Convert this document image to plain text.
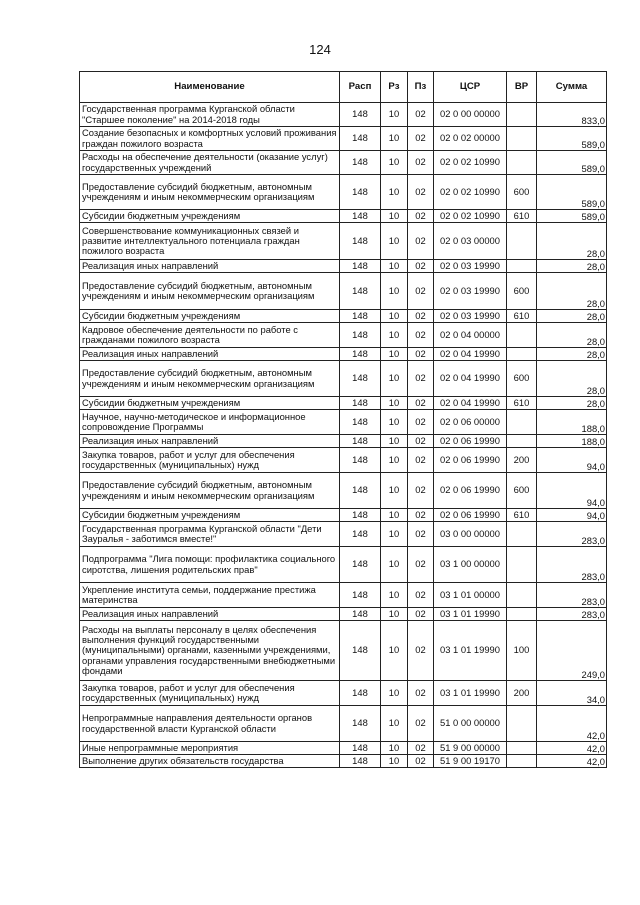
124
Наименование	Расп	Рз	Пз	ЦСР	ВР	Сумма
Государственная программа Курганской области "Старшее поколение" на 2014-2018 годы	148	10	02	02 0 00 00000		833,0
Создание безопасных и комфортных условий проживания граждан пожилого возраста	148	10	02	02 0 02 00000		589,0
Расходы на обеспечение деятельности (оказание услуг) государственных учреждений	148	10	02	02 0 02 10990		589,0
Предоставление субсидий бюджетным, автономным учреждениям и иным некоммерческим организациям	148	10	02	02 0 02 10990	600	589,0
Субсидии бюджетным учреждениям	148	10	02	02 0 02 10990	610	589,0
Совершенствование коммуникационных связей и развитие интеллектуального потенциала граждан пожилого возраста	148	10	02	02 0 03 00000		28,0
Реализация иных направлений	148	10	02	02 0 03 19990		28,0
Предоставление субсидий бюджетным, автономным учреждениям и иным некоммерческим организациям	148	10	02	02 0 03 19990	600	28,0
Субсидии бюджетным учреждениям	148	10	02	02 0 03 19990	610	28,0
Кадровое обеспечение деятельности по работе с гражданами пожилого возраста	148	10	02	02 0 04 00000		28,0
Реализация иных направлений	148	10	02	02 0 04 19990		28,0
Предоставление субсидий бюджетным, автономным учреждениям и иным некоммерческим организациям	148	10	02	02 0 04 19990	600	28,0
Субсидии бюджетным учреждениям	148	10	02	02 0 04 19990	610	28,0
Научное, научно-методическое и информационное сопровождение Программы	148	10	02	02 0 06 00000		188,0
Реализация иных направлений	148	10	02	02 0 06 19990		188,0
Закупка товаров, работ и услуг для обеспечения государственных (муниципальных) нужд	148	10	02	02 0 06 19990	200	94,0
Предоставление субсидий бюджетным, автономным учреждениям и иным некоммерческим организациям	148	10	02	02 0 06 19990	600	94,0
Субсидии бюджетным учреждениям	148	10	02	02 0 06 19990	610	94,0
Государственная программа Курганской области "Дети Зауралья - заботимся вместе!"	148	10	02	03 0 00 00000		283,0
Подпрограмма "Лига помощи: профилактика социального сиротства, лишения родительских прав"	148	10	02	03 1 00 00000		283,0
Укрепление института семьи, поддержание престижа материнства	148	10	02	03 1 01 00000		283,0
Реализация иных направлений	148	10	02	03 1 01 19990		283,0
Расходы на выплаты персоналу в целях обеспечения выполнения функций государственными (муниципальными) органами, казенными учреждениями, органами управления государственными внебюджетными фондами	148	10	02	03 1 01 19990	100	249,0
Закупка товаров, работ и услуг для обеспечения государственных (муниципальных) нужд	148	10	02	03 1 01 19990	200	34,0
Непрограммные направления деятельности органов государственной власти Курганской области	148	10	02	51 0 00 00000		42,0
Иные непрограммные мероприятия	148	10	02	51 9 00 00000		42,0
Выполнение других обязательств государства	148	10	02	51 9 00 19170		42,0
